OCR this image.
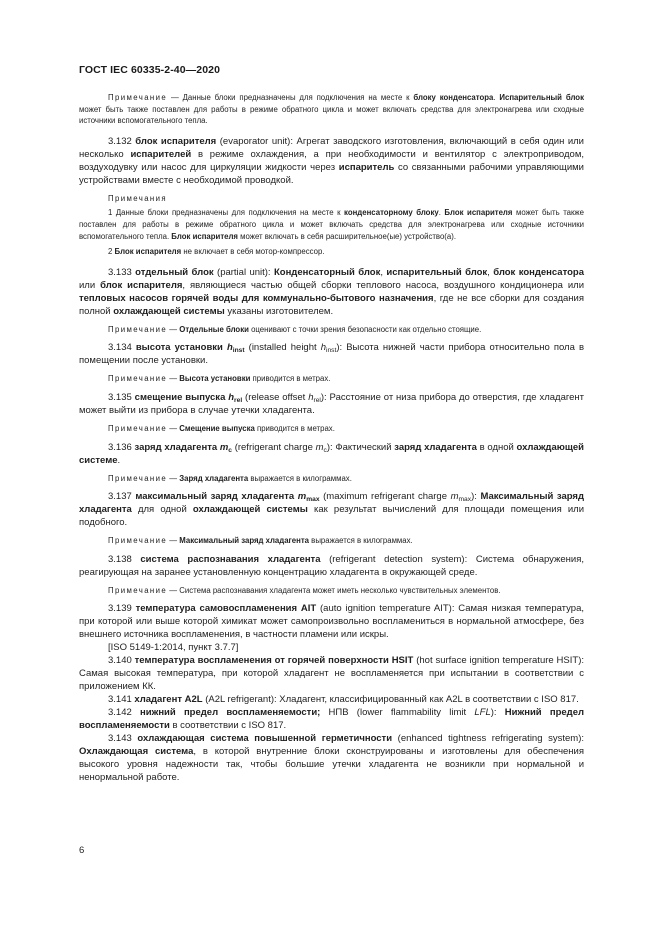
ГОСТ IEC 60335-2-40—2020

Примечание — Данные блоки предназначены для подключения на месте к блоку конденсатора. Испарительный блок может быть также поставлен для работы в режиме обратного цикла и может включать средства для электронагрева или сходные источники вспомогательного тепла.

3.132 блок испарителя (evaporator unit): Агрегат заводского изготовления, включающий в себя один или несколько испарителей в режиме охлаждения, а при необходимости и вентилятор с электроприводом, воздуходувку или насос для циркуляции жидкости через испаритель со связанными рабочими управляющими устройствами вместе с необходимой проводкой.

Примечания

1 Данные блоки предназначены для подключения на месте к конденсаторному блоку. Блок испарителя может быть также поставлен для работы в режиме обратного цикла и может включать средства для электронагрева или сходные источники вспомогательного тепла. Блок испарителя может включать в себя расширительное(ые) устройство(а).

2 Блок испарителя не включает в себя мотор-компрессор.

3.133 отдельный блок (partial unit): Конденсаторный блок, испарительный блок, блок конденсатора или блок испарителя, являющиеся частью общей сборки теплового насоса, воздушного кондиционера или тепловых насосов горячей воды для коммунально-бытового назначения, где не все сборки для создания полной охлаждающей системы указаны изготовителем.

Примечание — Отдельные блоки оценивают с точки зрения безопасности как отдельно стоящие.

3.134 высота установки $h_{inst}$ (installed height $h_{inst}$): Высота нижней части прибора относительно пола в помещении после установки.

Примечание — Высота установки приводится в метрах.

3.135 смещение выпуска $h_{rel}$ (release offset $h_{rel}$): Расстояние от низа прибора до отверстия, где хладагент может выйти из прибора в случае утечки хладагента.

Примечание — Смещение выпуска приводится в метрах.

3.136 заряд хладагента $m_c$ (refrigerant charge $m_c$): Фактический заряд хладагента в одной охлаждающей системе.

Примечание — Заряд хладагента выражается в килограммах.

3.137 максимальный заряд хладагента $m_{max}$ (maximum refrigerant charge $m_{max}$): Максимальный заряд хладагента для одной охлаждающей системы как результат вычислений для площади помещения или подобного.

Примечание — Максимальный заряд хладагента выражается в килограммах.

3.138 система распознавания хладагента (refrigerant detection system): Система обнаружения, реагирующая на заранее установленную концентрацию хладагента в окружающей среде.

Примечание — Система распознавания хладагента может иметь несколько чувствительных элементов.

3.139 температура самовоспламенения AIT (auto ignition temperature AIT): Самая низкая температура, при которой или выше которой химикат может самопроизвольно воспламениться в нормальной атмосфере, без внешнего источника воспламенения, в частности пламени или искры.

[ISO 5149-1:2014, пункт 3.7.7]

3.140 температура воспламенения от горячей поверхности HSIT (hot surface ignition temperature HSIT): Самая высокая температура, при которой хладагент не воспламеняется при испытании в соответствии с приложением КК.

3.141 хладагент A2L (A2L refrigerant): Хладагент, классифицированный как A2L в соответствии с ISO 817.

3.142 нижний предел воспламеняемости; НПВ (lower flammability limit LFL): Нижний предел воспламеняемости в соответствии с ISO 817.

3.143 охлаждающая система повышенной герметичности (enhanced tightness refrigerating system): Охлаждающая система, в которой внутренние блоки сконструированы и изготовлены для обеспечения высокого уровня надежности так, чтобы большие утечки хладагента не возникли при нормальной и ненормальной работе.

6
